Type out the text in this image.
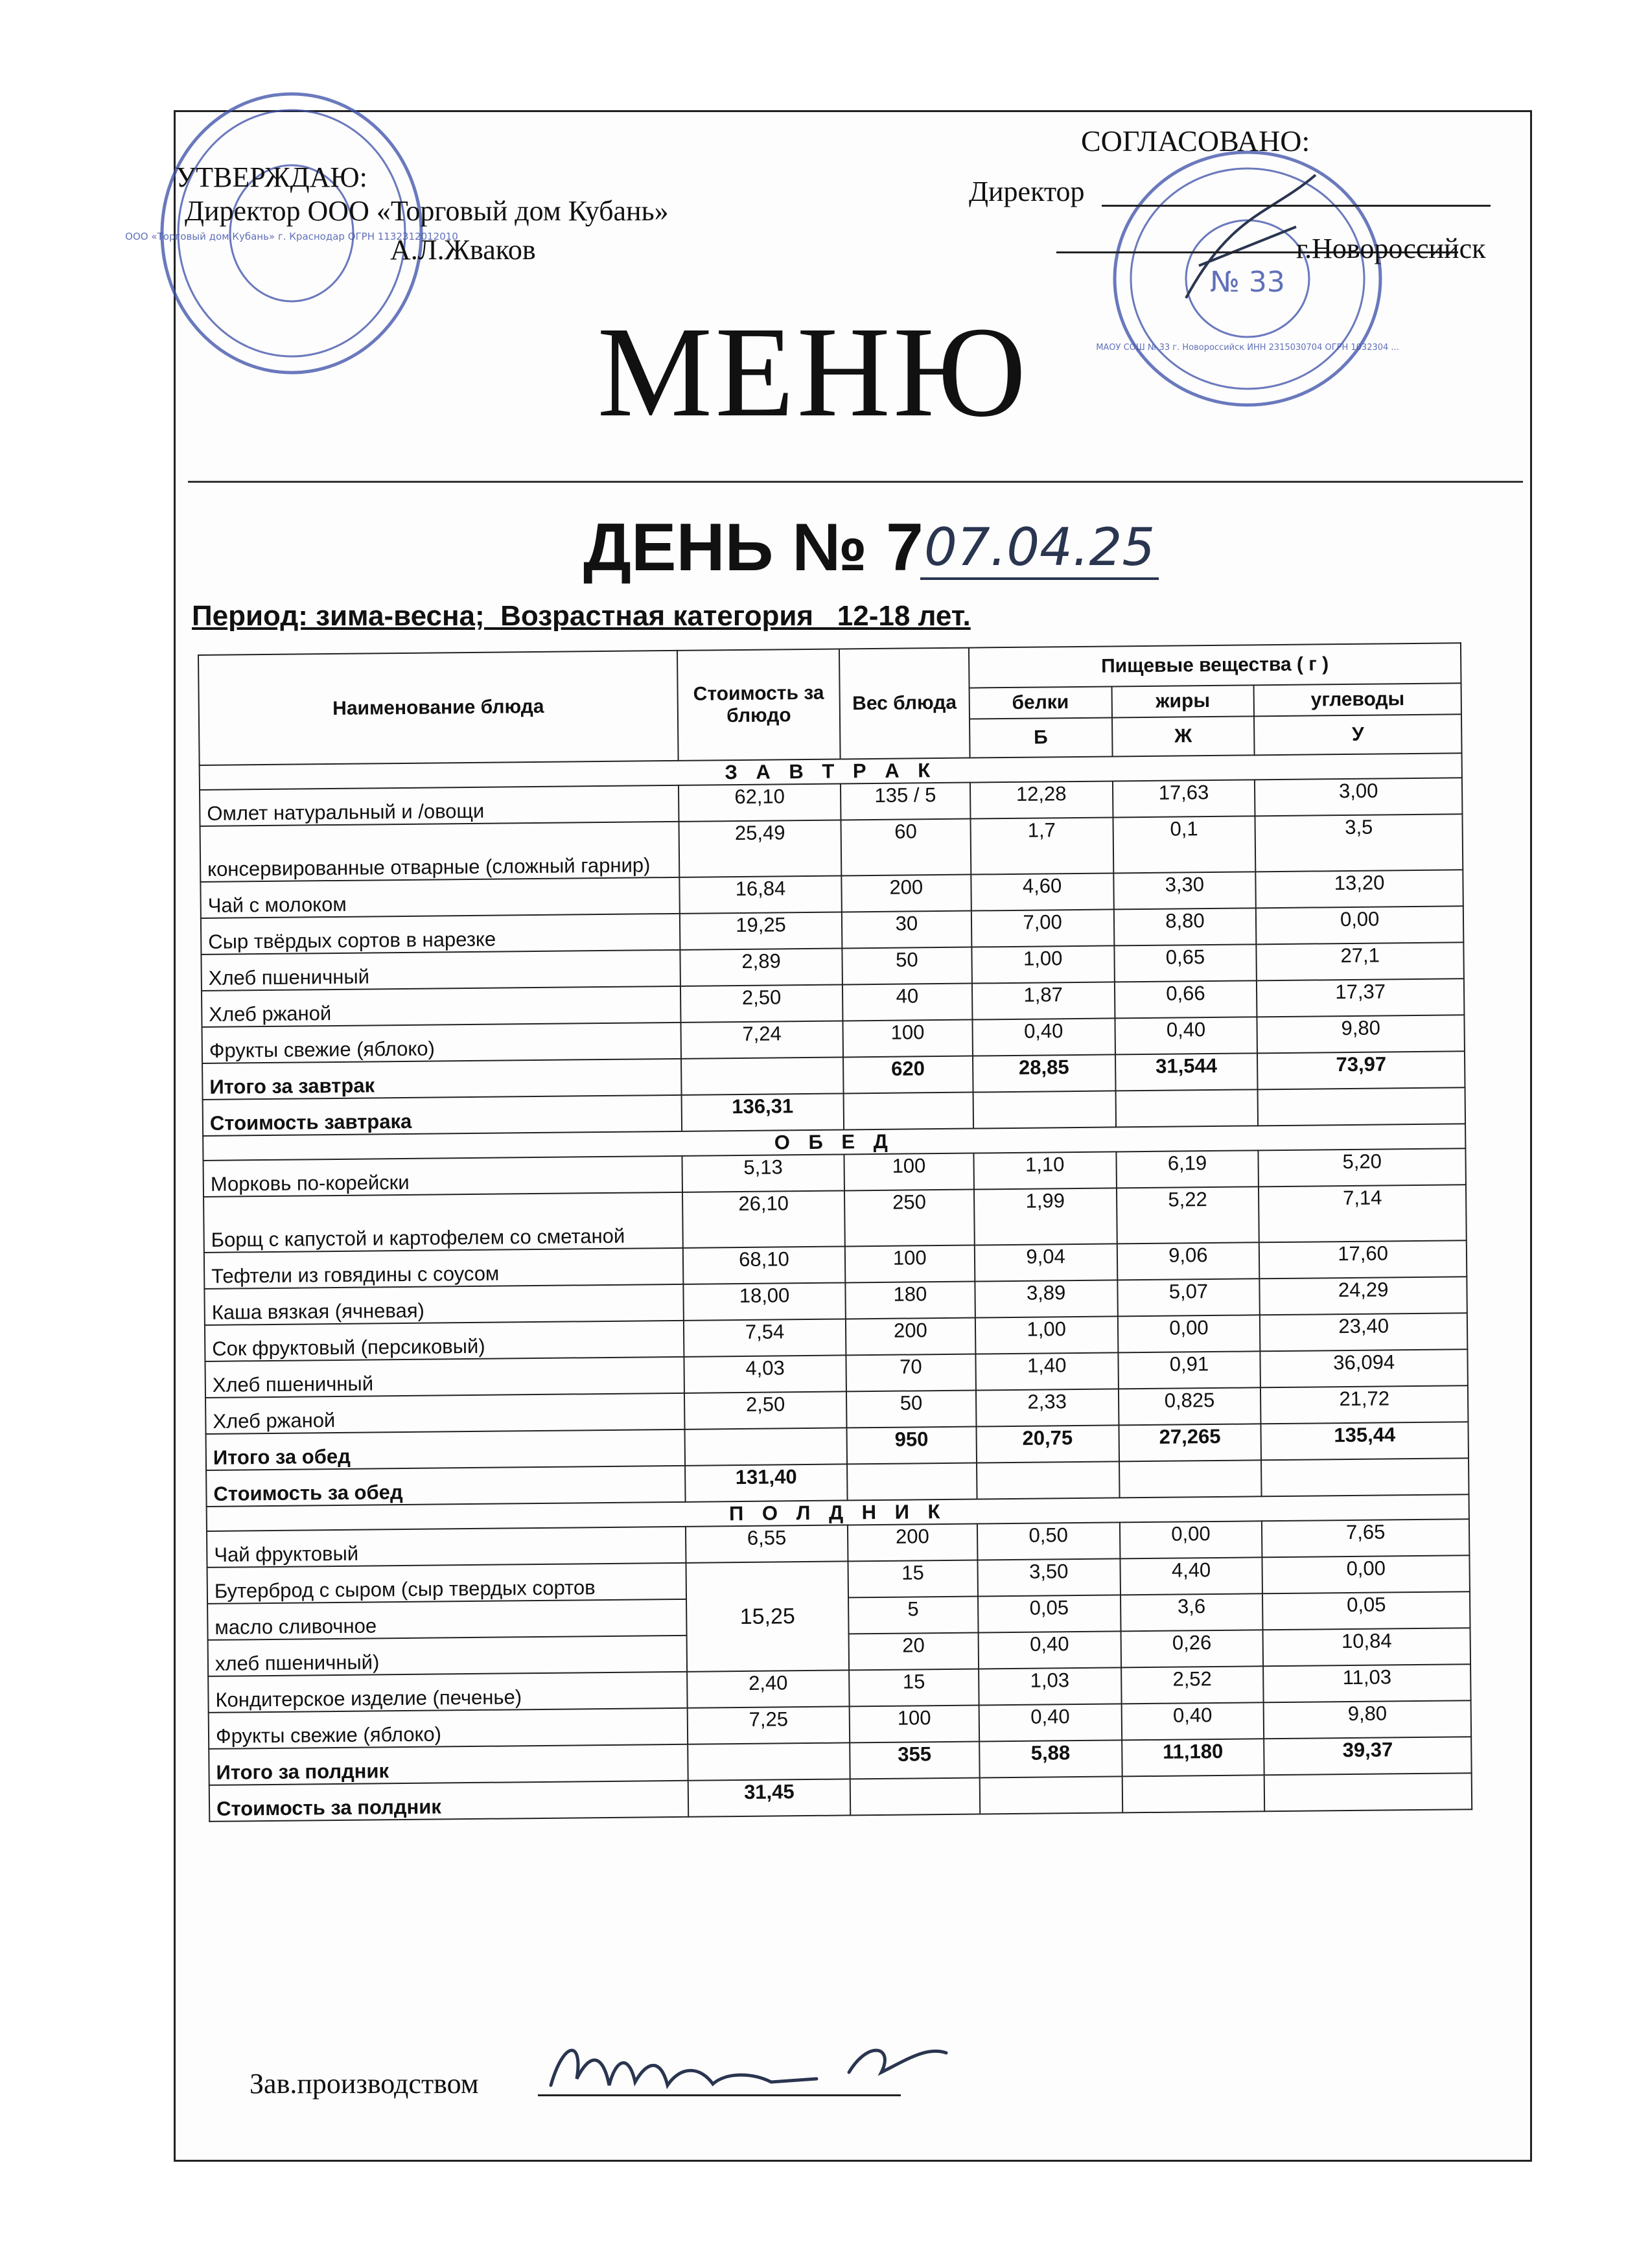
ООО «Торговый дом Кубань» г. Краснодар ОГРН 1132312012010
№ 33
МАОУ СОШ № 33 г. Новороссийск ИНН 2315030704 ОГРН 1032304 ...
УТВЕРЖДАЮ:
Директор ООО «Торговый дом Кубань»
А.Л.Жваков
СОГЛАСОВАНО:
Директор
г.Новороссийск
МЕНЮ
ДЕНЬ № 7 07.04.25
Период: зима-весна;  Возрастная категория   12-18 лет.
Наименование блюда	Стоимость за блюдо	Вес блюда	Пищевые вещества ( г )		
			белки	жиры	углеводы
			Б	Ж	У
З А В Т Р А К					
Омлет натуральный и /овощи	62,10	135 / 5	12,28	17,63	3,00
консервированные отварные (сложный гарнир)	25,49	60	1,7	0,1	3,5
Чай с молоком	16,84	200	4,60	3,30	13,20
Сыр твёрдых сортов в нарезке	19,25	30	7,00	8,80	0,00
Хлеб пшеничный	2,89	50	1,00	0,65	27,1
Хлеб ржаной	2,50	40	1,87	0,66	17,37
Фрукты свежие (яблоко)	7,24	100	0,40	0,40	9,80
Итого за завтрак		620	28,85	31,544	73,97
Стоимость завтрака	136,31				
О Б Е Д					
Морковь по-корейски	5,13	100	1,10	6,19	5,20
Борщ с капустой и картофелем со сметаной	26,10	250	1,99	5,22	7,14
Тефтели из говядины с соусом	68,10	100	9,04	9,06	17,60
Каша вязкая (ячневая)	18,00	180	3,89	5,07	24,29
Сок фруктовый (персиковый)	7,54	200	1,00	0,00	23,40
Хлеб пшеничный	4,03	70	1,40	0,91	36,094
Хлеб ржаной	2,50	50	2,33	0,825	21,72
Итого за обед		950	20,75	27,265	135,44
Стоимость за обед	131,40				
П О Л Д Н И К					
Чай фруктовый	6,55	200	0,50	0,00	7,65
Бутерброд с сыром (сыр твердых сортов	15,25	15	3,50	4,40	0,00
масло сливочное		5	0,05	3,6	0,05
хлеб пшеничный)		20	0,40	0,26	10,84
Кондитерское изделие (печенье)	2,40	15	1,03	2,52	11,03
Фрукты свежие (яблоко)	7,25	100	0,40	0,40	9,80
Итого за полдник		355	5,88	11,180	39,37
Стоимость за полдник	31,45				
Зав.производством
